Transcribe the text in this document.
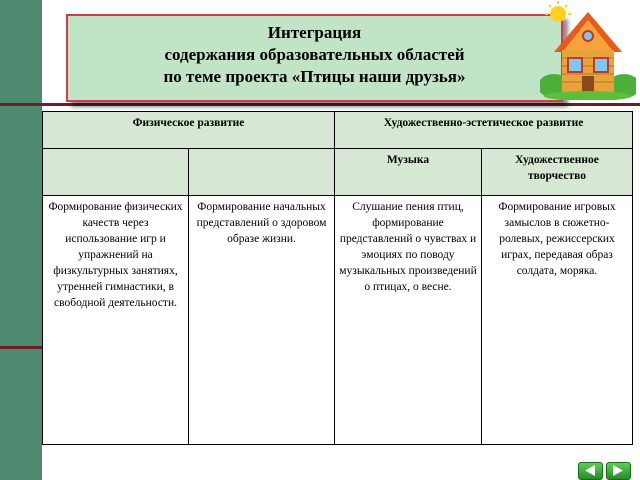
Интеграция
содержания образовательных областей
по теме проекта «Птицы наши друзья»
Физическое развитие		Художественно-эстетическое развитие	
		Музыка	Художественное творчество
Формирование физических качеств через использование игр и упражнений на физкультурных занятиях, утренней гимнастики, в свободной деятельности.	Формирование начальных представлений о здоровом образе жизни.	Слушание пения птиц, формирование представлений о чувствах и эмоциях по поводу музыкальных произведений о птицах, о весне.	Формирование игровых замыслов в сюжетно-ролевых, режиссерских играх, передавая образ солдата, моряка.
